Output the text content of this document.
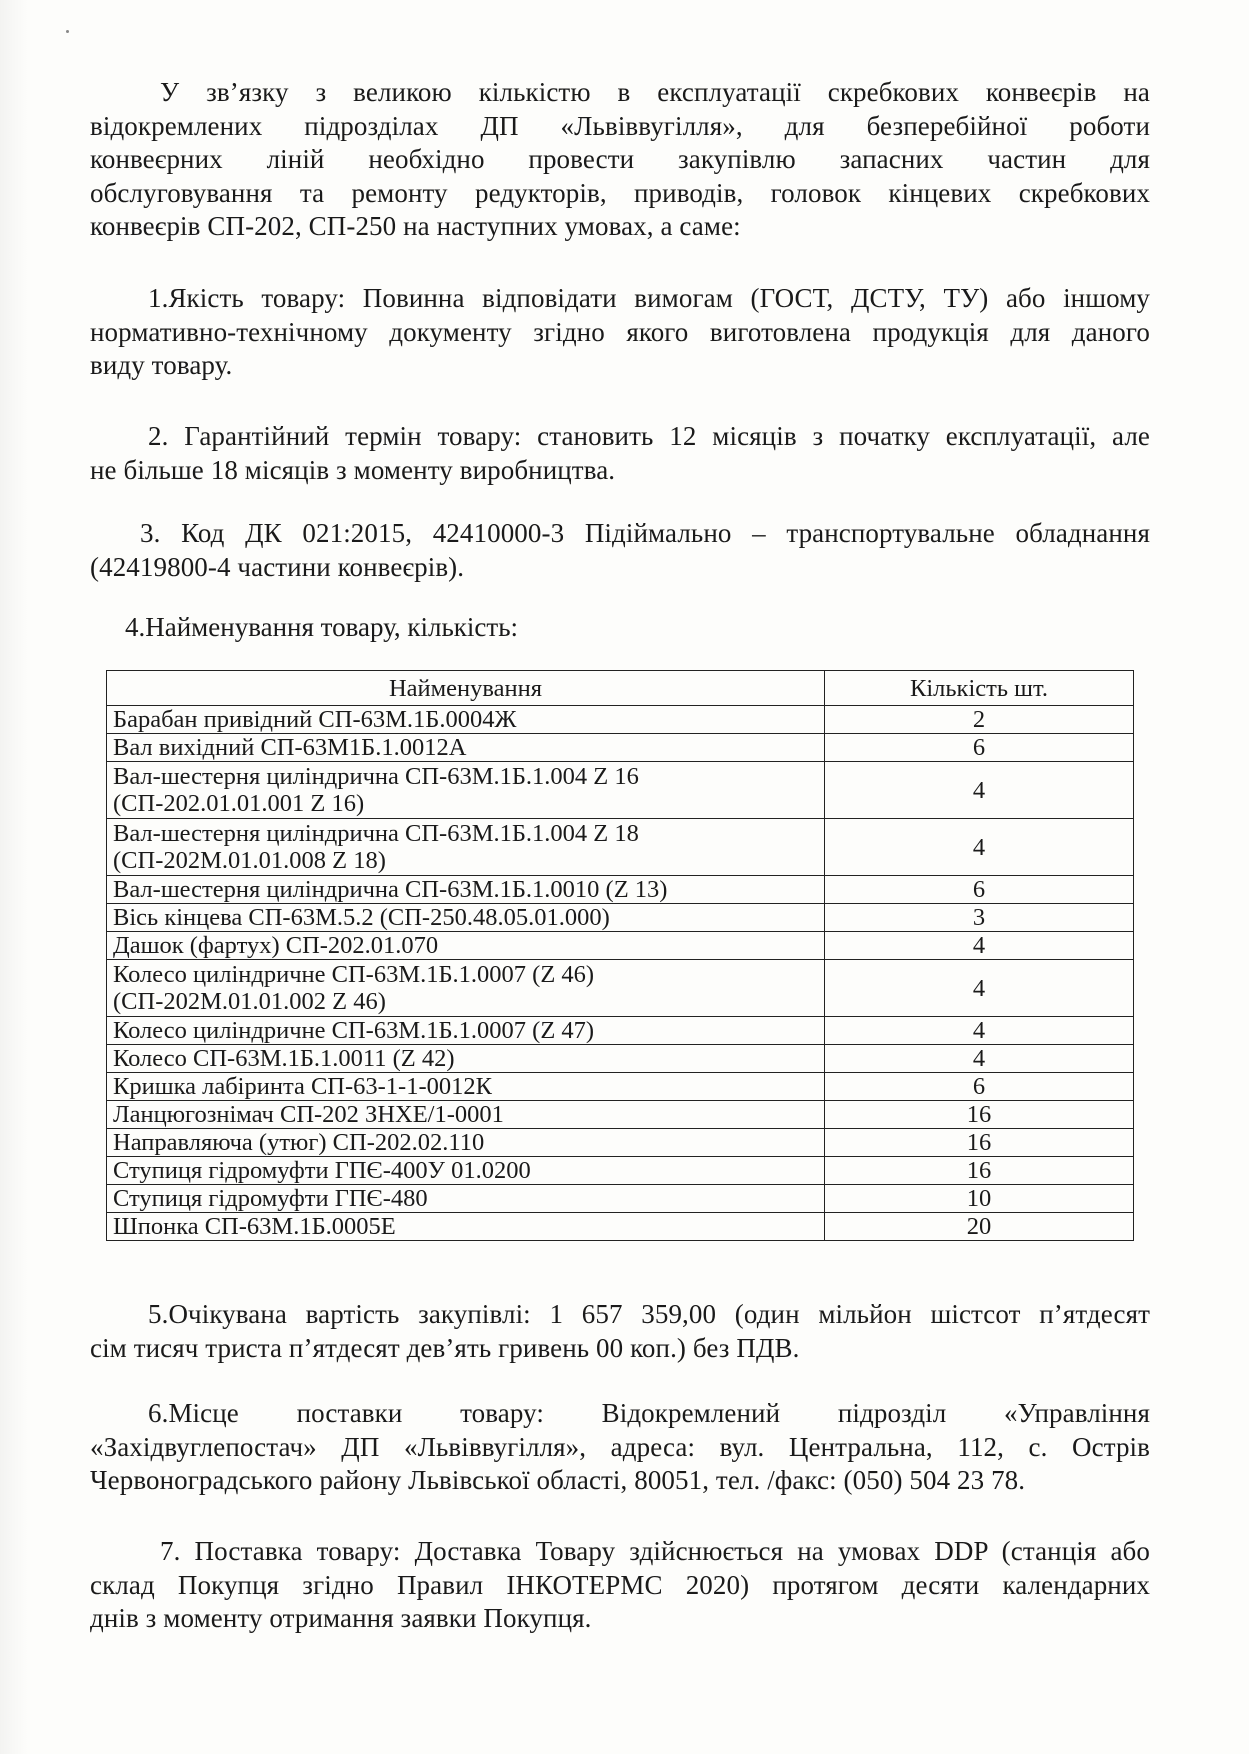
У зв’язку з великою кількістю в експлуатації скребкових конвеєрів на
відокремлених підрозділах ДП «Львіввугілля», для безперебійної роботи
конвеєрних ліній необхідно провести закупівлю запасних частин для
обслуговування та ремонту редукторів, приводів, головок кінцевих скребкових
конвеєрів СП-202, СП-250 на наступних умовах, а саме:
1.Якість товару: Повинна відповідати вимогам (ГОСТ, ДСТУ, ТУ) або іншому
нормативно-технічному документу згідно якого виготовлена продукція для даного
виду товару.
2. Гарантійний термін товару: становить 12 місяців з початку експлуатації, але
не більше 18 місяців з моменту виробництва.
3. Код ДК 021:2015, 42410000-3 Підіймально – транспортувальне обладнання
(42419800-4 частини конвеєрів).
4.Найменування товару, кількість:
Найменування	Кількість шт.

Барабан привідний СП-63М.1Б.0004Ж	2

Вал вихідний СП-63М1Б.1.0012А	6

Вал-шестерня циліндрична СП-63М.1Б.1.004 Z 16
(СП-202.01.01.001 Z 16)	4

Вал-шестерня циліндрична СП-63М.1Б.1.004 Z 18
(СП-202М.01.01.008 Z 18)	4

Вал-шестерня циліндрична СП-63М.1Б.1.0010 (Z 13)	6

Вісь кінцева СП-63М.5.2 (СП-250.48.05.01.000)	3

Дашок (фартух) СП-202.01.070	4

Колесо циліндричне СП-63М.1Б.1.0007 (Z 46)
(СП-202М.01.01.002 Z 46)	4

Колесо циліндричне СП-63М.1Б.1.0007 (Z 47)	4

Колесо СП-63М.1Б.1.0011 (Z 42)	4

Кришка лабіринта СП-63-1-1-0012К	6

Ланцюгознімач СП-202 ЗНХЕ/1-0001	16

Направляюча (утюг) СП-202.02.110	16

Ступиця гідромуфти ГПЄ-400У 01.0200	16

Ступиця гідромуфти ГПЄ-480	10

Шпонка СП-63М.1Б.0005Е	20
5.Очікувана вартість закупівлі: 1 657 359,00 (один мільйон шістсот п’ятдесят
сім тисяч триста п’ятдесят дев’ять гривень 00 коп.) без ПДВ.
6.Місце поставки товару: Відокремлений підрозділ «Управління
«Західвуглепостач» ДП «Львіввугілля», адреса: вул. Центральна, 112, с. Острів
Червоноградського району Львівської області, 80051, тел. /факс: (050) 504 23 78.
7. Поставка товару: Доставка Товару здійснюється на умовах DDP (станція або
склад Покупця згідно Правил ІНКОТЕРМС 2020) протягом десяти календарних
днів з моменту отримання заявки Покупця.
